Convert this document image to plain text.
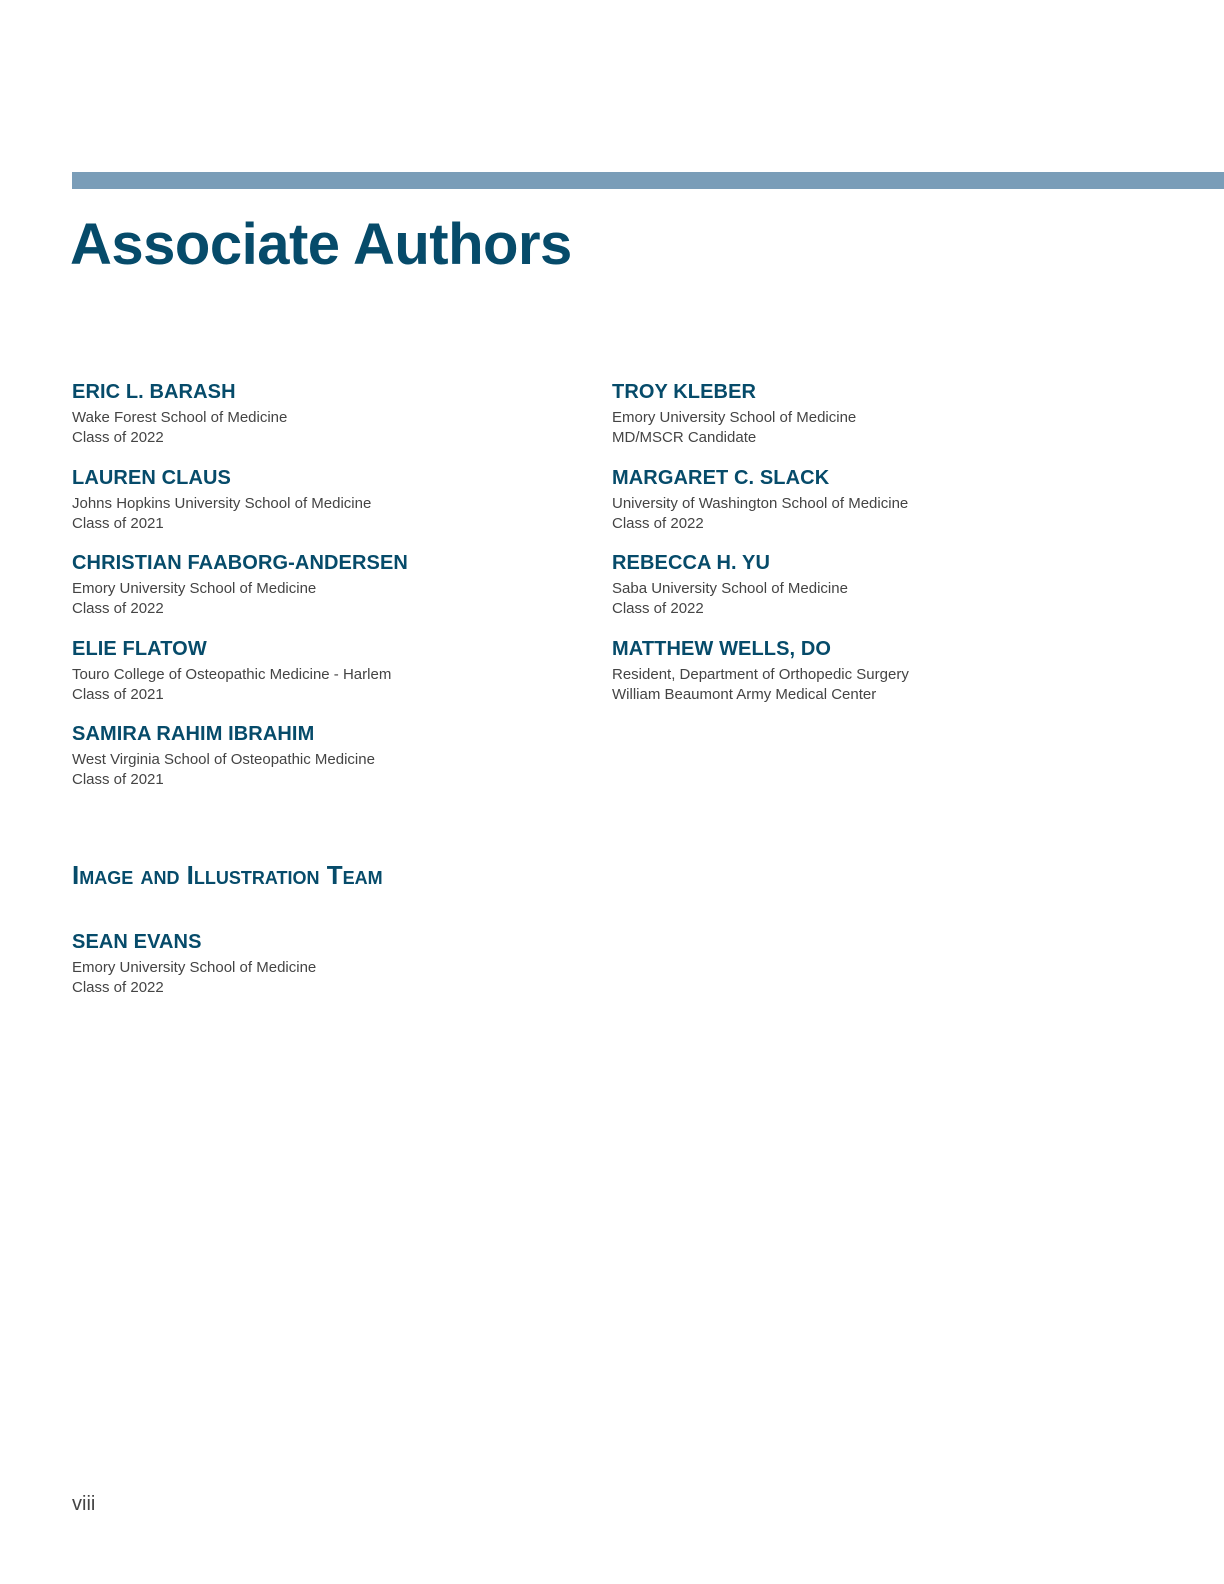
Associate Authors
ERIC L. BARASH
Wake Forest School of Medicine
Class of 2022
LAUREN CLAUS
Johns Hopkins University School of Medicine
Class of 2021
CHRISTIAN FAABORG-ANDERSEN
Emory University School of Medicine
Class of 2022
ELIE FLATOW
Touro College of Osteopathic Medicine - Harlem
Class of 2021
SAMIRA RAHIM IBRAHIM
West Virginia School of Osteopathic Medicine
Class of 2021
TROY KLEBER
Emory University School of Medicine
MD/MSCR Candidate
MARGARET C. SLACK
University of Washington School of Medicine
Class of 2022
REBECCA H. YU
Saba University School of Medicine
Class of 2022
MATTHEW WELLS, DO
Resident, Department of Orthopedic Surgery
William Beaumont Army Medical Center
Image and Illustration Team
SEAN EVANS
Emory University School of Medicine
Class of 2022
viii
